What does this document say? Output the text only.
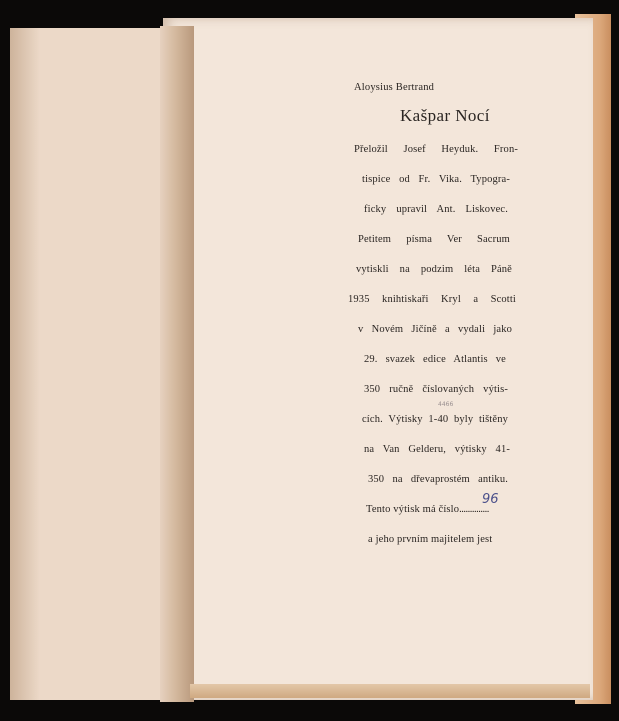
Aloysius Bertrand
Kašpar Nocí
Přeložil Josef Heyduk. Fron-
tispice od Fr. Vika. Typogra-
ficky upravil Ant. Liskovec.
Petitem písma Ver Sacrum
vytiskli na podzim léta Páně
1935 knihtiskaři Kryl a Scotti
v Novém Jičíně a vydali jako
29. svazek edice Atlantis ve
350 ručně číslovaných výtis-
cích. Výtisky 1-40 byly tištěny
na Van Gelderu, výtisky 41-
350 na dřevaprostém antiku.
Tento výtisk má číslo..............
4466
96
a jeho prvním majitelem jest
